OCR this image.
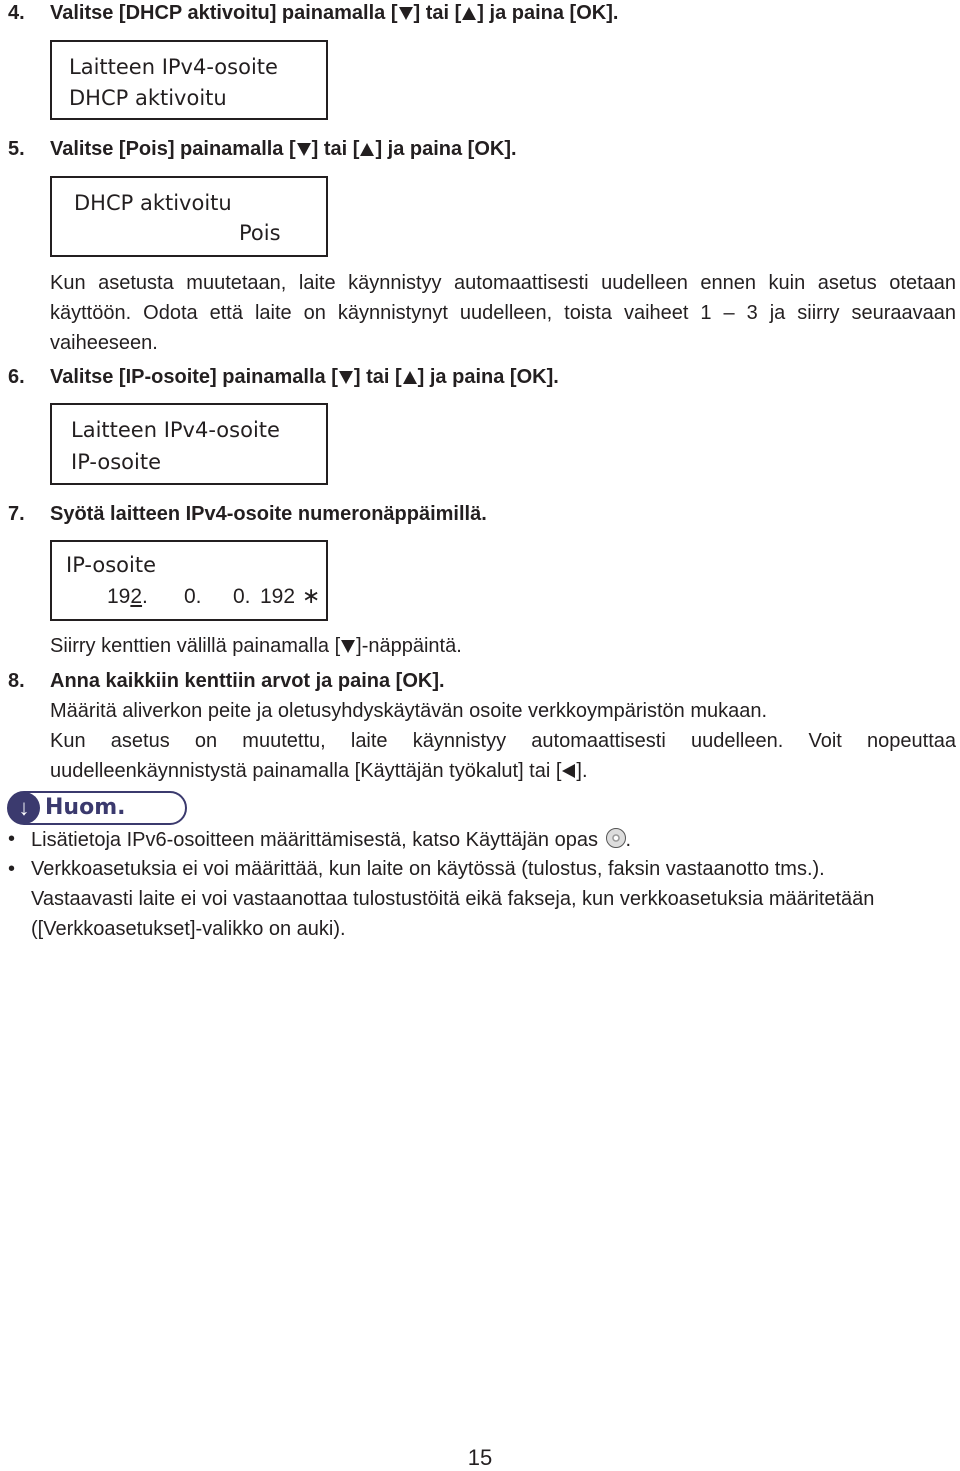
4. Valitse [DHCP aktivoitu] painamalla [ ] tai [ ] ja paina [OK].
Laitteen IPv4-osoite
DHCP aktivoitu
5. Valitse [Pois] painamalla [ ] tai [ ] ja paina [OK].
DHCP aktivoitu
Pois
Kun asetusta muutetaan, laite käynnistyy automaattisesti uudelleen ennen kuin asetus otetaan käyttöön. Odota että laite on käynnistynyt uudelleen, toista vaiheet 1 – 3 ja siirry seuraavaan vaiheeseen.
6. Valitse [IP-osoite] painamalla [ ] tai [ ] ja paina [OK].
Laitteen IPv4-osoite
IP-osoite
7. Syötä laitteen IPv4-osoite numeronäppäimillä.
IP-osoite
192. 0. 0. 192 ∗
Siirry kenttien välillä painamalla [ ]-näppäintä.
8. Anna kaikkiin kenttiin arvot ja paina [OK].
Määritä aliverkon peite ja oletusyhdyskäytävän osoite verkkoympäristön mukaan.
Kun asetus on muutettu, laite käynnistyy automaattisesti uudelleen. Voit nopeuttaa
uudelleenkäynnistystä painamalla [Käyttäjän työkalut] tai [ ].
↓ Huom.
• Lisätietoja IPv6-osoitteen määrittämisestä, katso Käyttäjän opas .
• Verkkoasetuksia ei voi määrittää, kun laite on käytössä (tulostus, faksin vastaanotto tms.).
Vastaavasti laite ei voi vastaanottaa tulostustöitä eikä fakseja, kun verkkoasetuksia määritetään
([Verkkoasetukset]-valikko on auki).
15
